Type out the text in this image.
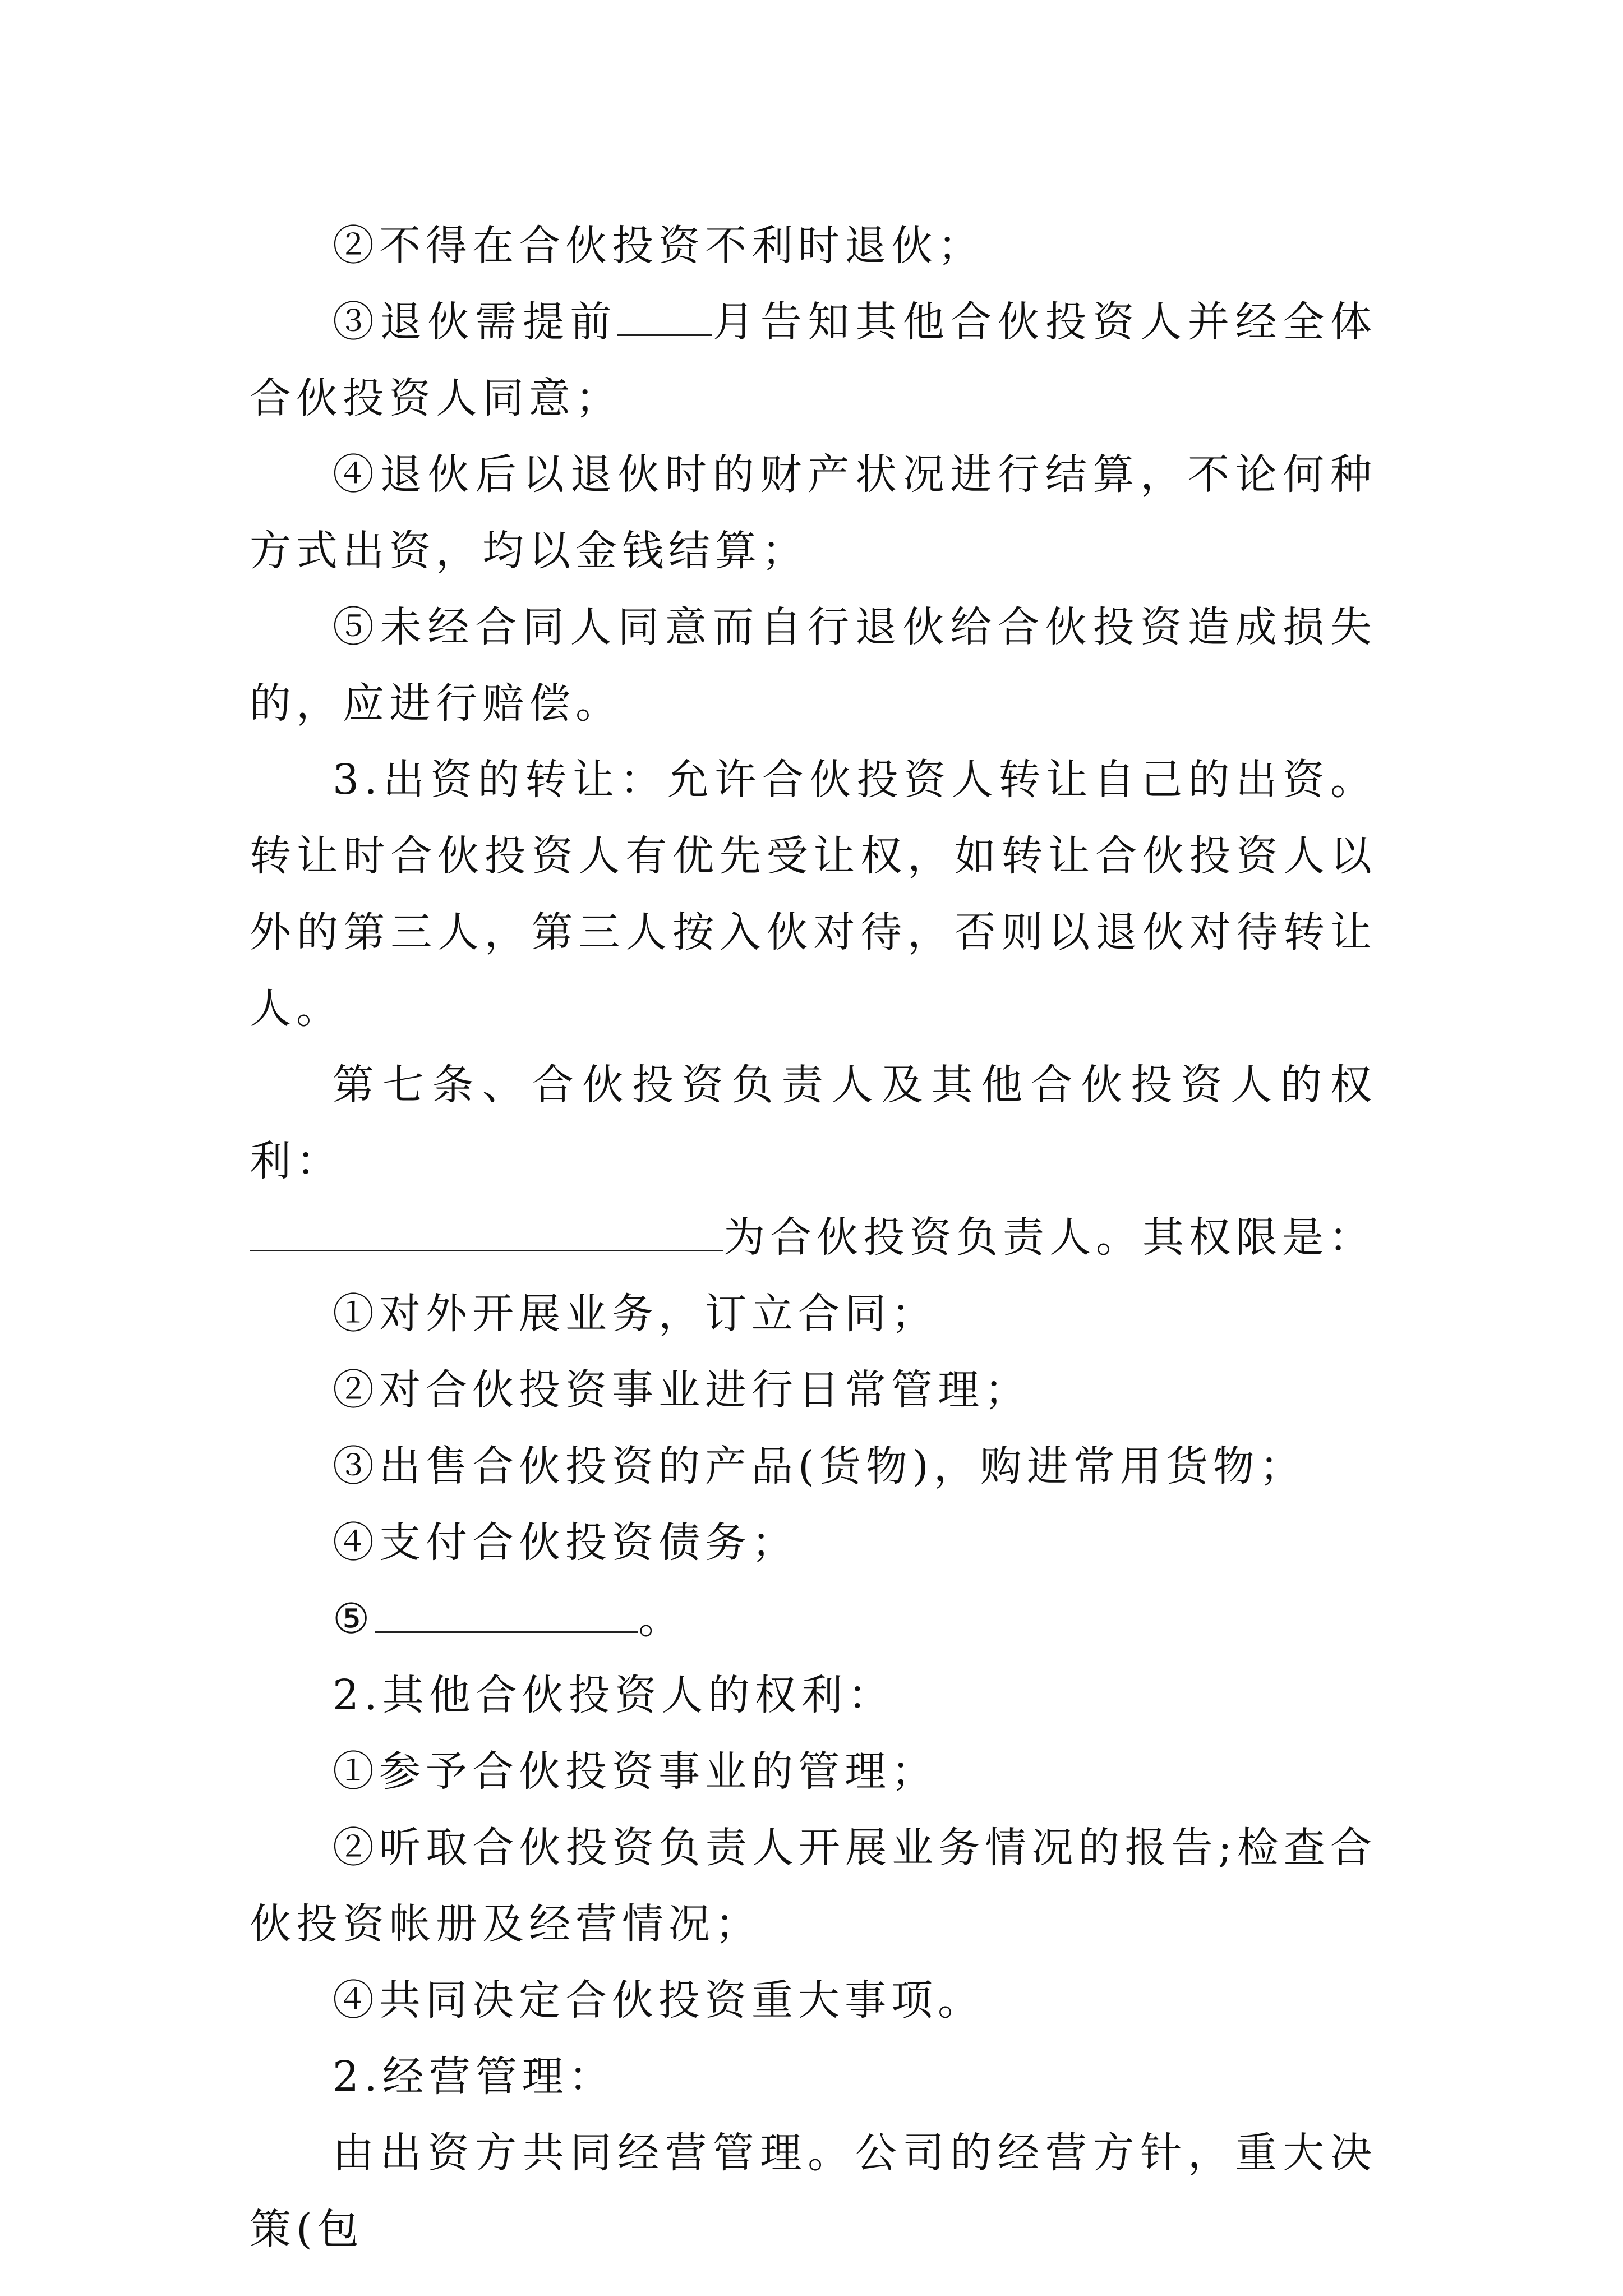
②不得在合伙投资不利时退伙；

③退伙需提前 月告知其他合伙投资人并经全体合伙投资人同意；

④退伙后以退伙时的财产状况进行结算，不论何种方式出资，均以金钱结算；

⑤未经合同人同意而自行退伙给合伙投资造成损失的，应进行赔偿。

3.出资的转让：允许合伙投资人转让自己的出资。转让时合伙投资人有优先受让权，如转让合伙投资人以外的第三人，第三人按入伙对待，否则以退伙对待转让人。

第七条、合伙投资负责人及其他合伙投资人的权利：

为合伙投资负责人。其权限是：

①对外开展业务，订立合同；

②对合伙投资事业进行日常管理；

③出售合伙投资的产品(货物)，购进常用货物；

④支付合伙投资债务；

⑤	。

2.其他合伙投资人的权利：

①参予合伙投资事业的管理；

②听取合伙投资负责人开展业务情况的报告;检查合伙投资帐册及经营情况；

④共同决定合伙投资重大事项。

2.经营管理：

由出资方共同经营管理。公司的经营方针，重大决策(包
